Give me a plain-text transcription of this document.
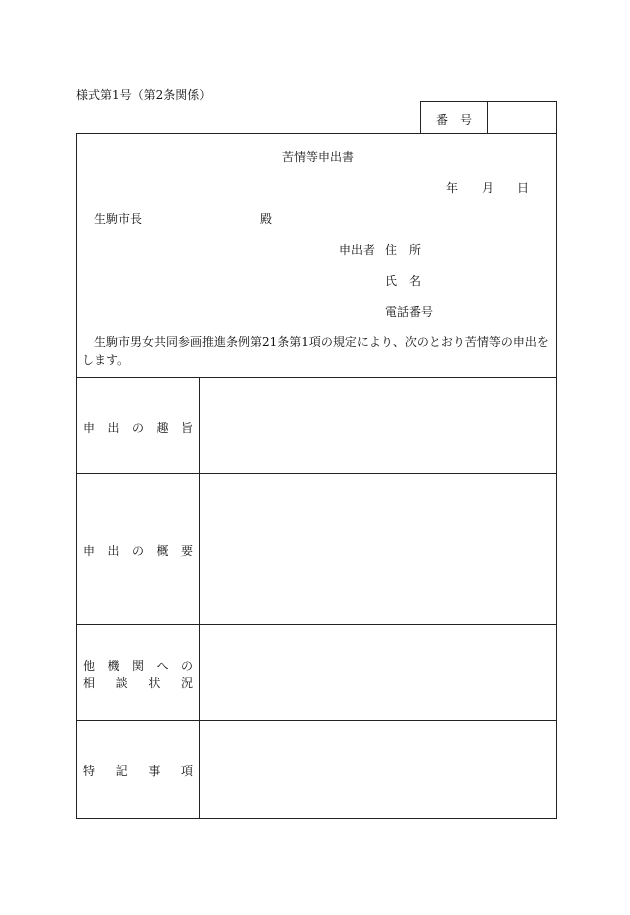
様式第1号（第2条関係）
番　号
苦情等申出書
年 月 日
生駒市長	殿
申出者 住　所
氏　名
電話番号
生駒市男女共同参画推進条例第21条第1項の規定により、次のとおり苦情等の申出をします。
申 出 の 趣 旨
申 出 の 概 要
他 機 関 へ の
相 談 状 況
特 記 事 項
